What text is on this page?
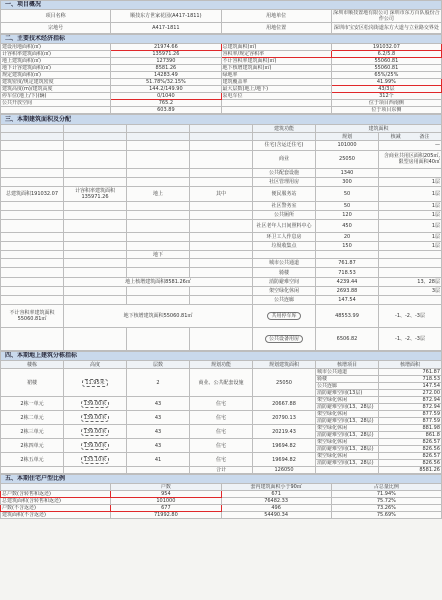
一、项目概况			
项目名称	顺技东方世家花园(A417-1811)	用地单位	深圳市顺技置地有限公司 深圳市东方百队股份合作公司
宗地号	A417-1811	用地位置	深圳市宝安区松岗街道东方大道与立业路交界处
二、主要技术经济指标			
建设用地面积(㎡)	21974.66	总建筑面积(㎡)	191032.07
计容积率建筑面积(㎡)	135971.26	容积率/规定容积率	6.2/5.8
地上建筑面积(㎡)	127390	不计容积率建筑面积(㎡)	55060.81
地下计容建筑面积(㎡)	8581.26	地下核增建筑面积(㎡)	55060.81
规定建筑面积(㎡)	14283.49	绿地率	65%/25%
建筑密度/规定建筑密度	51.78%/32.15%	建筑覆盖率	41.99%
建筑高度(m)/建筑高度	144.2/149.90	最大层数(地上/地下)	43/3层
停车位(地上/下)(辆)	0/1040	泵电车位	312个
公共开放空间	765.2		位于项目西南侧
	603.89		位于项目东侧
三、本期建筑面积及分配						
				建筑功能	建筑面积	
					规划	核减 备注
				住宅(含运迁住宅)	101000	—
				商业	25050	含商业共用区面积205㎡,限型房用面积40㎡
				公共配套设施	1340	
				社区管理用房	300	1层
总建筑面积191032.07	计容积率建筑面积135971.26	地上	其中	便民服务站	50	1层
				社区警务室	50	1层
				公共厕所	120	1层
				社区老年人日间照料中心	450	1层
				环卫工人作息房	20	1层
				垃圾收集点	150	1层
		地下				
				城市公共通道	761.87	
				骑楼	718.53	
	地上核增建筑面积8581.26㎡			消防避难空间	4239.44	13、28层
				架空绿化休闲	2693.88	3层
				公共连廊	147.54	
不计容积率建筑面积55060.81㎡	地下核增建筑面积55060.81㎡			共用停车库	48553.99	-1、-2、-3层
				公共设备用房	6506.82	-1、-2、-3层
四、本期地上建筑分栋指标						
楼栋	高度	层数	规划功能	规划建筑面积	核增项目	核增面积
裙楼	11.95米	2	商业、公共配套设施	25050	城市公共通道	761.87
					骑楼	718.53
					公共连廊	147.54
					消防避难空间(13层)	272.00
2栋一单元	139.00米	43	住宅	20667.88	架空绿化休闲	872.94
					消防避难空间(13、28层)	872.94
2栋二单元	139.00米	43	住宅	20790.13	架空绿化休闲	877.59
					消防避难空间(13、28层)	877.59
2栋三单元	139.00米	43	住宅	20219.43	架空绿化休闲	881.98
					消防避难空间(13、28层)	861.8
2栋四单元	139.00米	43	住宅	19694.82	架空绿化休闲	826.57
					消防避难空间(13、28层)	826.56
2栋五单元	133.10米	41	住宅	19694.82	架空绿化休闲	826.57
					消防避难空间(13、28层)	826.56
			合计	126050		8581.26
五、本期住宅户型比例			
	户数	套内建筑面积小于90㎡	占总量比例
总户数(含转售和返还)	954	671	71.94%
总建筑面积(含转售和返还)	101000	76482.33	75.72%
户数(不含返还)	677	496	73.26%
建筑面积(不含返还)	71992.80	54490.34	75.69%
